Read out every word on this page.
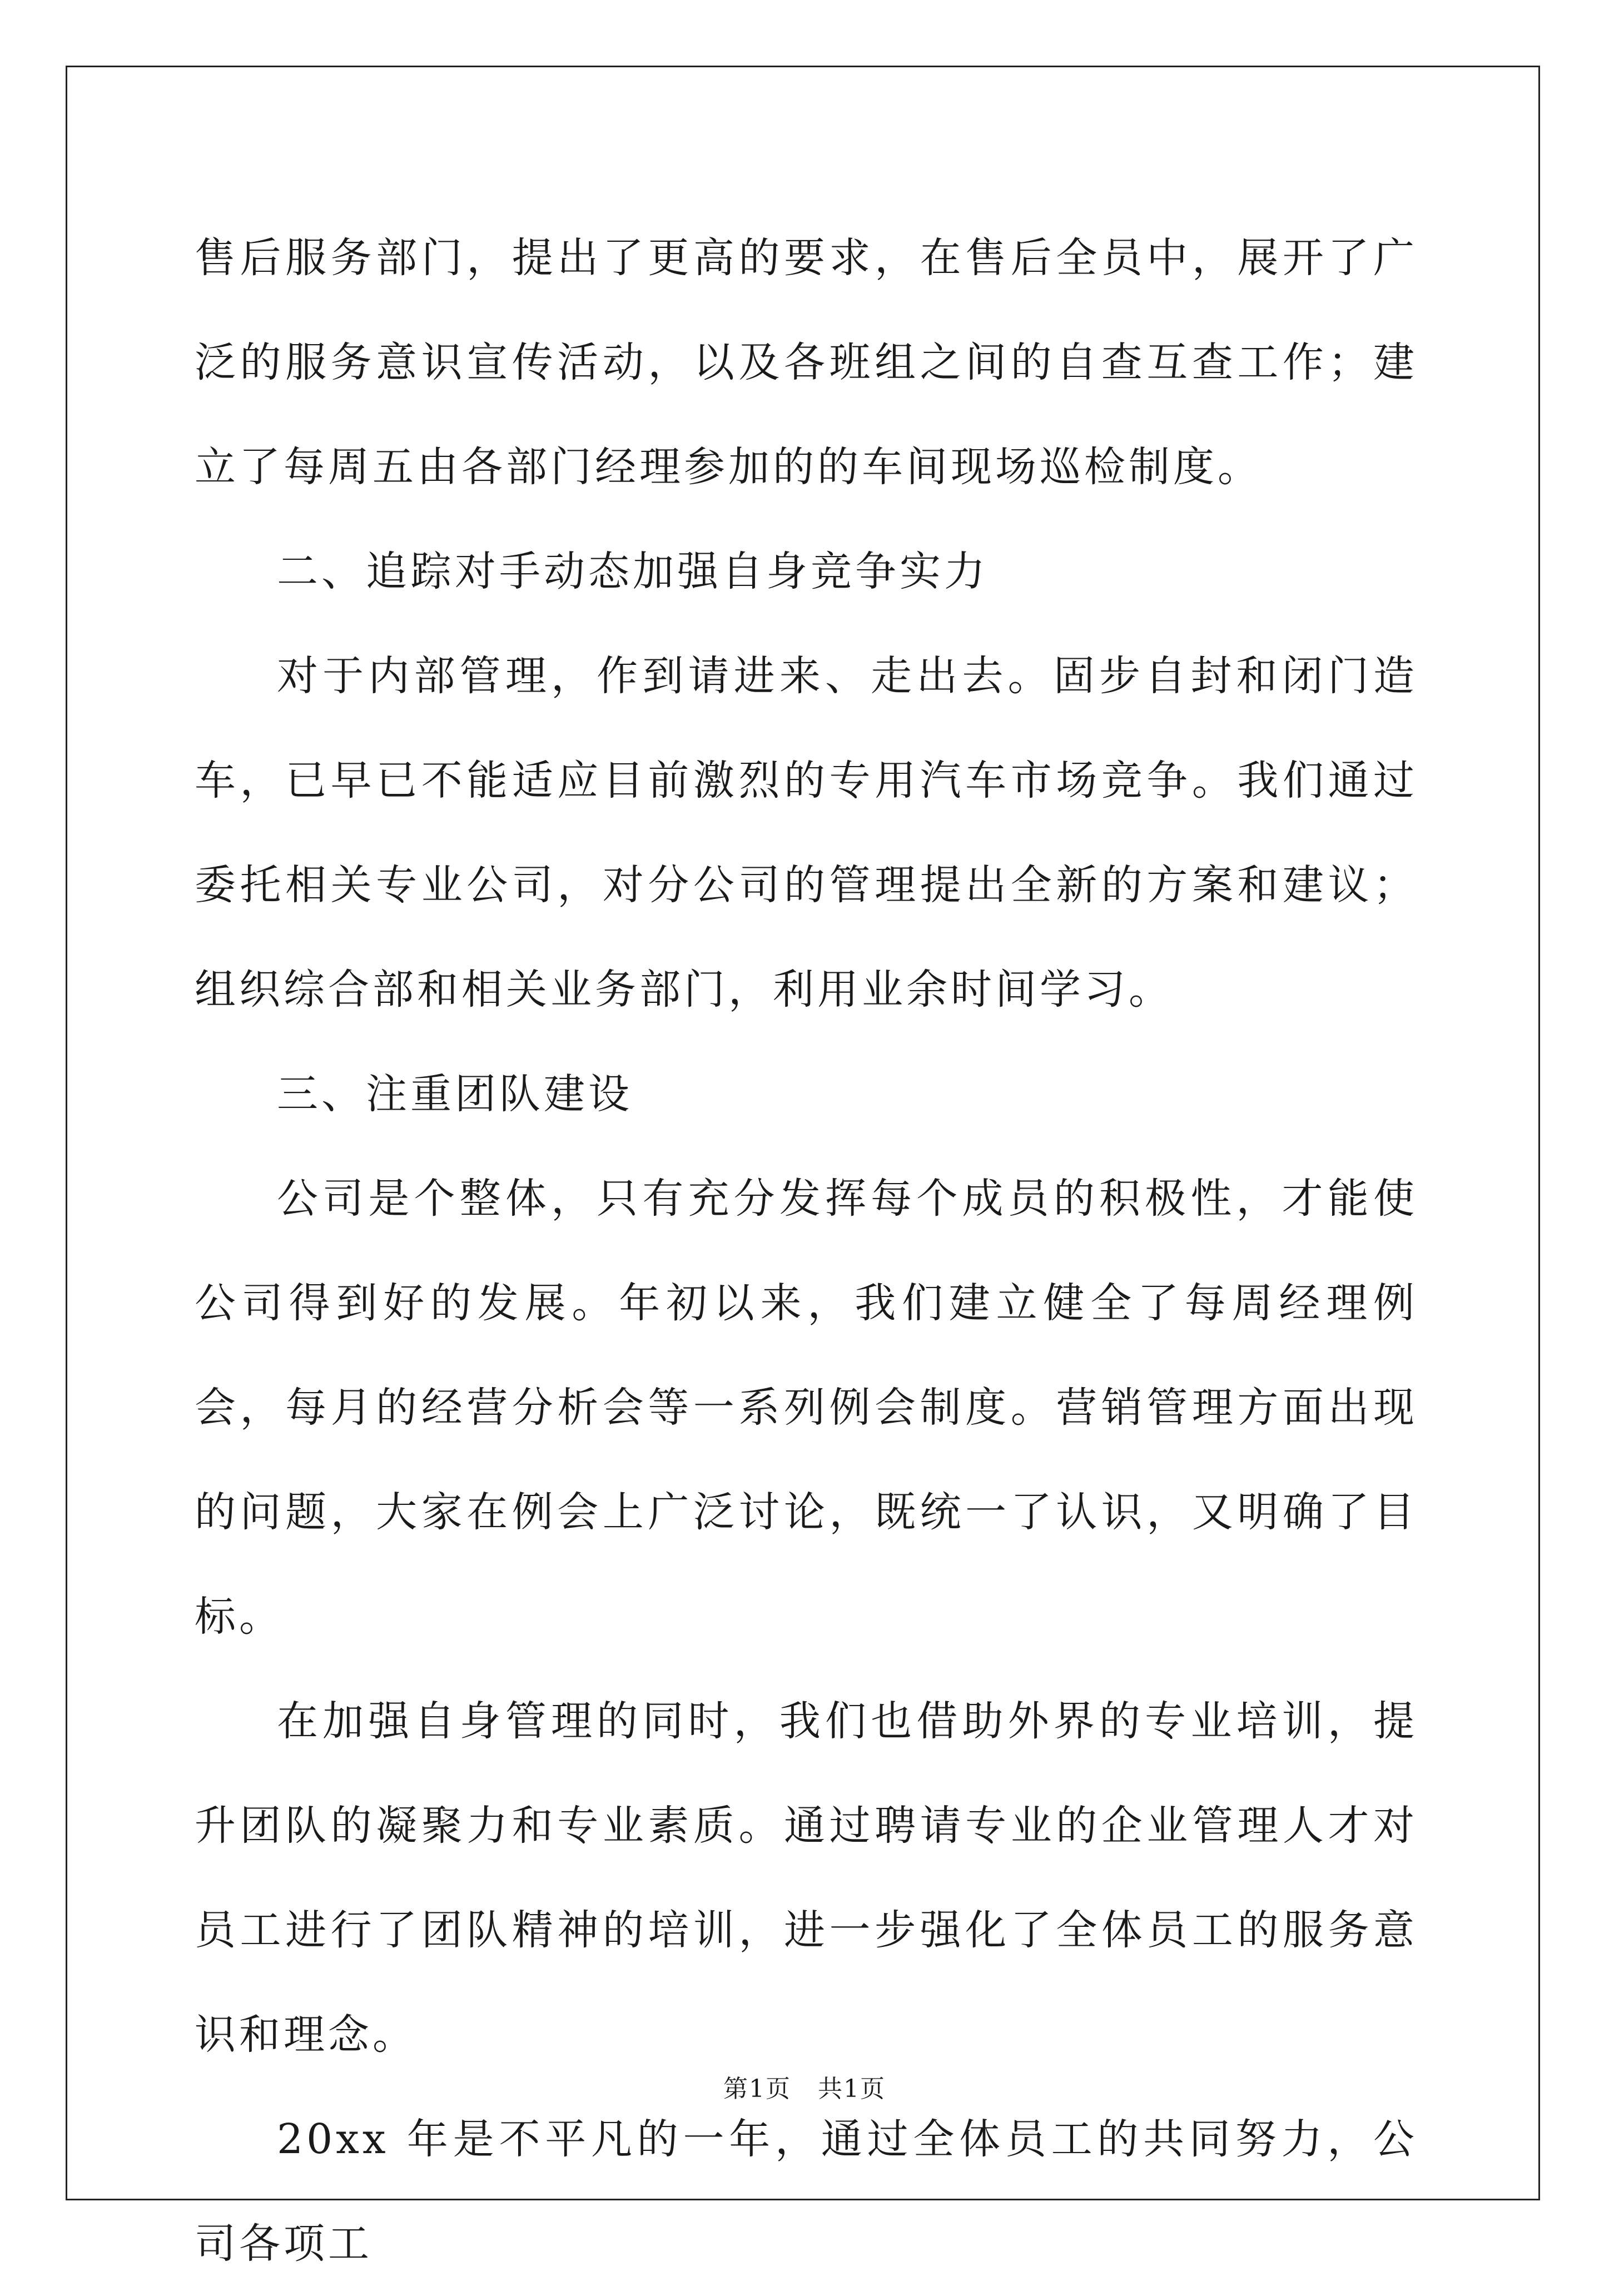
售后服务部门，提出了更高的要求，在售后全员中，展开了广泛的服务意识宣传活动，以及各班组之间的自查互查工作；建立了每周五由各部门经理参加的的车间现场巡检制度。

二、追踪对手动态加强自身竞争实力

对于内部管理，作到请进来、走出去。固步自封和闭门造车，已早已不能适应目前激烈的专用汽车市场竞争。我们通过委托相关专业公司，对分公司的管理提出全新的方案和建议；组织综合部和相关业务部门，利用业余时间学习。

三、注重团队建设

公司是个整体，只有充分发挥每个成员的积极性，才能使公司得到好的发展。年初以来，我们建立健全了每周经理例会，每月的经营分析会等一系列例会制度。营销管理方面出现的问题，大家在例会上广泛讨论，既统一了认识，又明确了目标。

在加强自身管理的同时，我们也借助外界的专业培训，提升团队的凝聚力和专业素质。通过聘请专业的企业管理人才对员工进行了团队精神的培训，进一步强化了全体员工的服务意识和理念。

20xx 年是不平凡的一年，通过全体员工的共同努力，公司各项工

第1页   共1页
